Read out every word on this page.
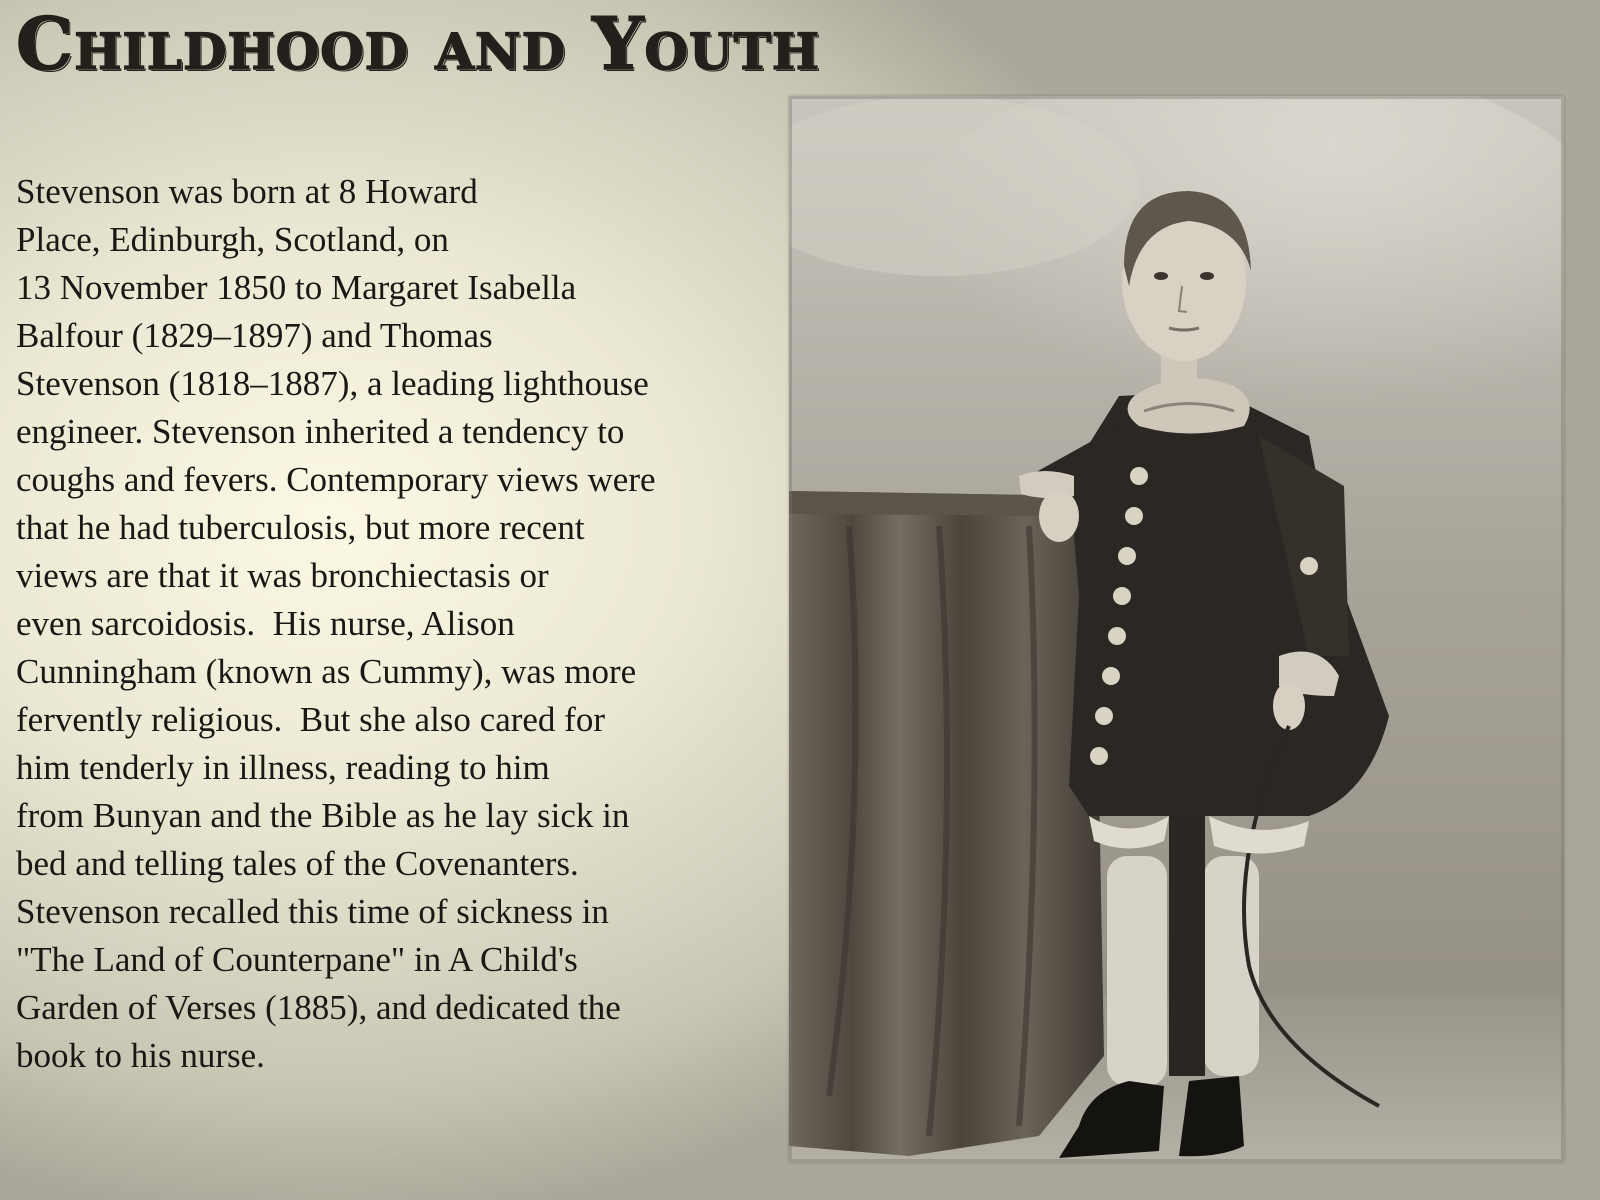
Childhood and Youth
Stevenson was born at 8 Howard
Place, Edinburgh, Scotland, on
13 November 1850 to Margaret Isabella
Balfour (1829–1897) and Thomas
Stevenson (1818–1887), a leading lighthouse
engineer. Stevenson inherited a tendency to
coughs and fevers. Contemporary views were
that he had tuberculosis, but more recent
views are that it was bronchiectasis or
even sarcoidosis.  His nurse, Alison
Cunningham (known as Cummy), was more
fervently religious.  But she also cared for
him tenderly in illness, reading to him
from Bunyan and the Bible as he lay sick in
bed and telling tales of the Covenanters.
Stevenson recalled this time of sickness in
"The Land of Counterpane" in A Child's
Garden of Verses (1885), and dedicated the
book to his nurse.
